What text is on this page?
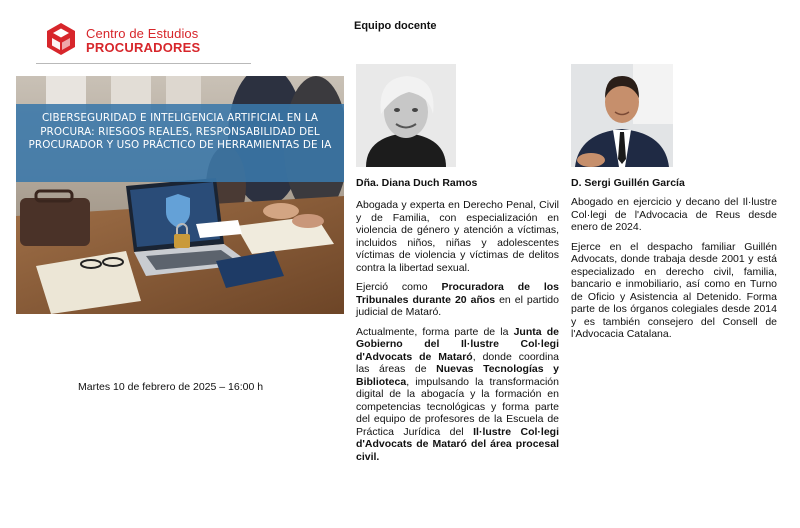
Centro de Estudios
PROCURADORES
CIBERSEGURIDAD E INTELIGENCIA ARTIFICIAL EN LA PROCURA: RIESGOS REALES, RESPONSABILIDAD DEL PROCURADOR Y USO PRÁCTICO DE HERRAMIENTAS DE IA
Martes 10 de febrero de 2025 – 16:00 h
Equipo docente
Dña. Diana Duch Ramos	D. Sergi Guillén García

Abogada y experta en Derecho Penal, Civil y de Familia, con especialización en violencia de género y atención a víctimas, incluidos niños, niñas y adolescentes víctimas de violencia y víctimas de delitos contra la libertad sexual.

Ejerció como Procuradora de los Tribunales durante 20 años en el partido judicial de Mataró.

Actualmente, forma parte de la Junta de Gobierno del Il·lustre Col·legi d'Advocats de Mataró, donde coordina las áreas de Nuevas Tecnologías y Biblioteca, impulsando la transformación digital de la abogacía y la formación en competencias tecnológicas y forma parte del equipo de profesores de la Escuela de Práctica Jurídica del Il·lustre Col·legi d'Advocats de Mataró del área procesal civil.

Abogado en ejercicio y decano del Il·lustre Col·legi de l'Advocacia de Reus desde enero de 2024.

Ejerce en el despacho familiar Guillén Advocats, donde trabaja desde 2001 y está especializado en derecho civil, familia, bancario e inmobiliario, así como en Turno de Oficio y Asistencia al Detenido. Forma parte de los órganos colegiales desde 2014 y es también consejero del Consell de l'Advocacia Catalana.
